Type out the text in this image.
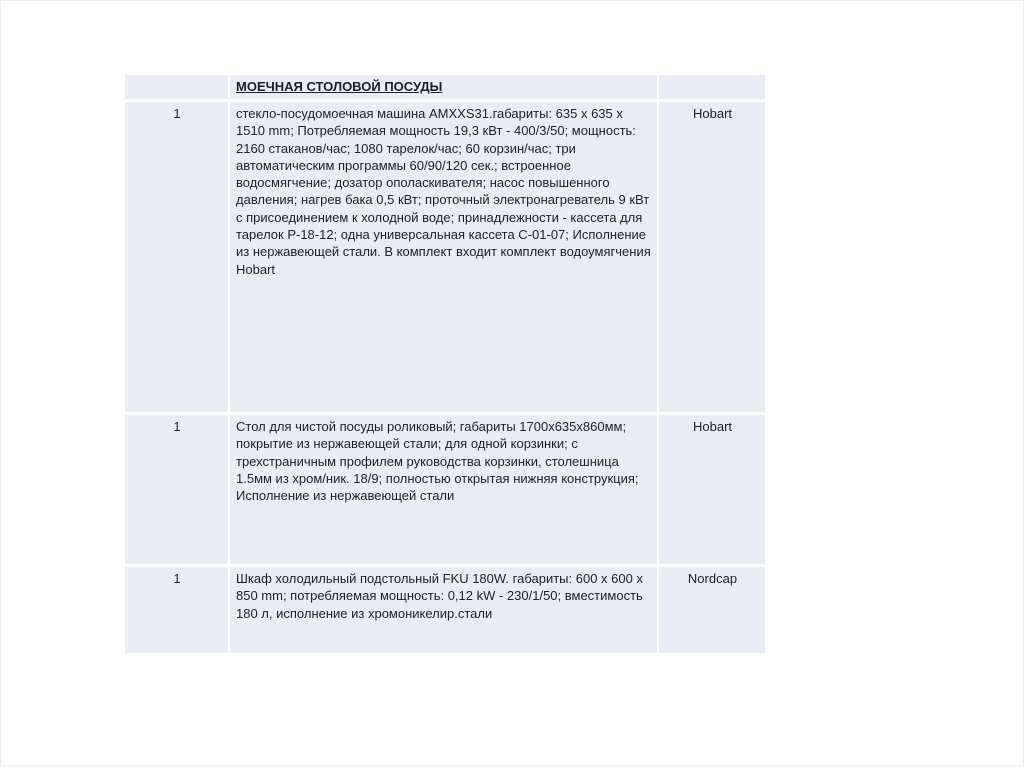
	МОЕЧНАЯ СТОЛОВОЙ ПОСУДЫ	
1	стекло-посудомоечная машина AMXXS31.габариты: 635 x 635 x 1510 mm; Потребляемая мощность 19,3 кВт - 400/3/50; мощность: 2160 стаканов/час; 1080 тарелок/час; 60 корзин/час; три автоматическим программы 60/90/120 сек.; встроенное водосмягчение; дозатор ополаскивателя; насос повышенного давления; нагрев бака 0,5 кВт; проточный электронагреватель 9 кВт с присоединением к холодной воде; принадлежности - кассета для тарелок Р-18-12; одна универсальная кассета С-01-07; Исполнение из нержавеющей стали. В комплект входит комплект водоумягчения Hobart	Hobart
1	Стол для чистой посуды роликовый; габариты 1700х635х860мм; покрытие из нержавеющей стали; для одной корзинки; с трехстраничным профилем руководства корзинки, столешница 1.5мм из хром/ник. 18/9; полностью открытая нижняя конструкция; Исполнение из нержавеющей стали	Hobart
1	Шкаф холодильный подстольный FKU 180W. габариты: 600 x 600 x 850 mm; потребляемая мощность: 0,12 kW - 230/1/50; вместимость 180 л, исполнение из хромоникелир.стали	Nordcap
